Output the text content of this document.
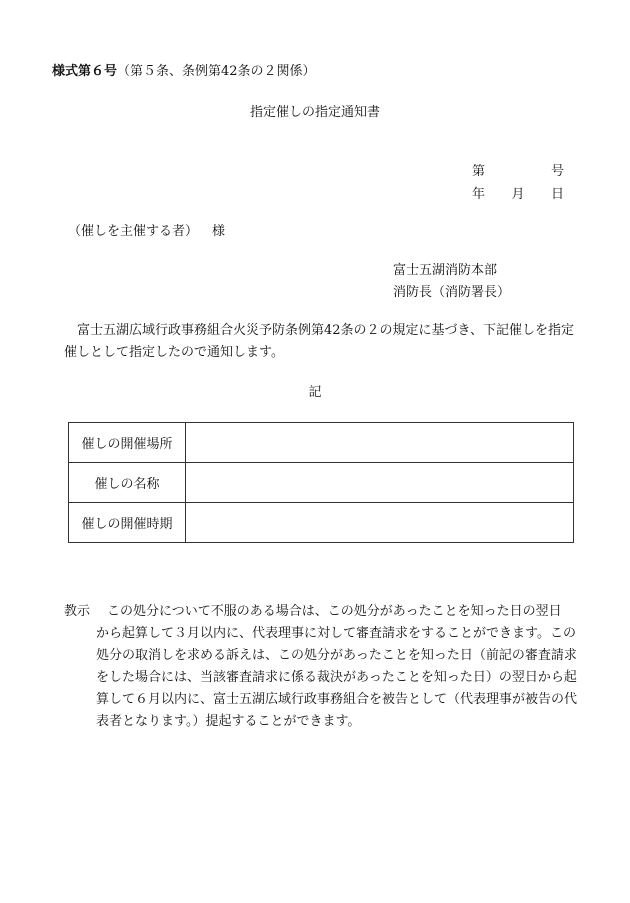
様式第６号（第５条、条例第42条の２関係）
指定催しの指定通知書
第	号
年 月 日
（催しを主催する者） 様
富士五湖消防本部
消防長（消防署長）
富士五湖広域行政事務組合火災予防条例第42条の２の規定に基づき、下記催しを指定催しとして指定したので通知します。
記
催しの開催場所	
催しの名称	
催しの開催時期	
教示 この処分について不服のある場合は、この処分があったことを知った日の翌日
から起算して３月以内に、代表理事に対して審査請求をすることができます。この処分の取消しを求める訴えは、この処分があったことを知った日（前記の審査請求をした場合には、当該審査請求に係る裁決があったことを知った日）の翌日から起算して６月以内に、富士五湖広域行政事務組合を被告として（代表理事が被告の代表者となります。）提起することができます。
